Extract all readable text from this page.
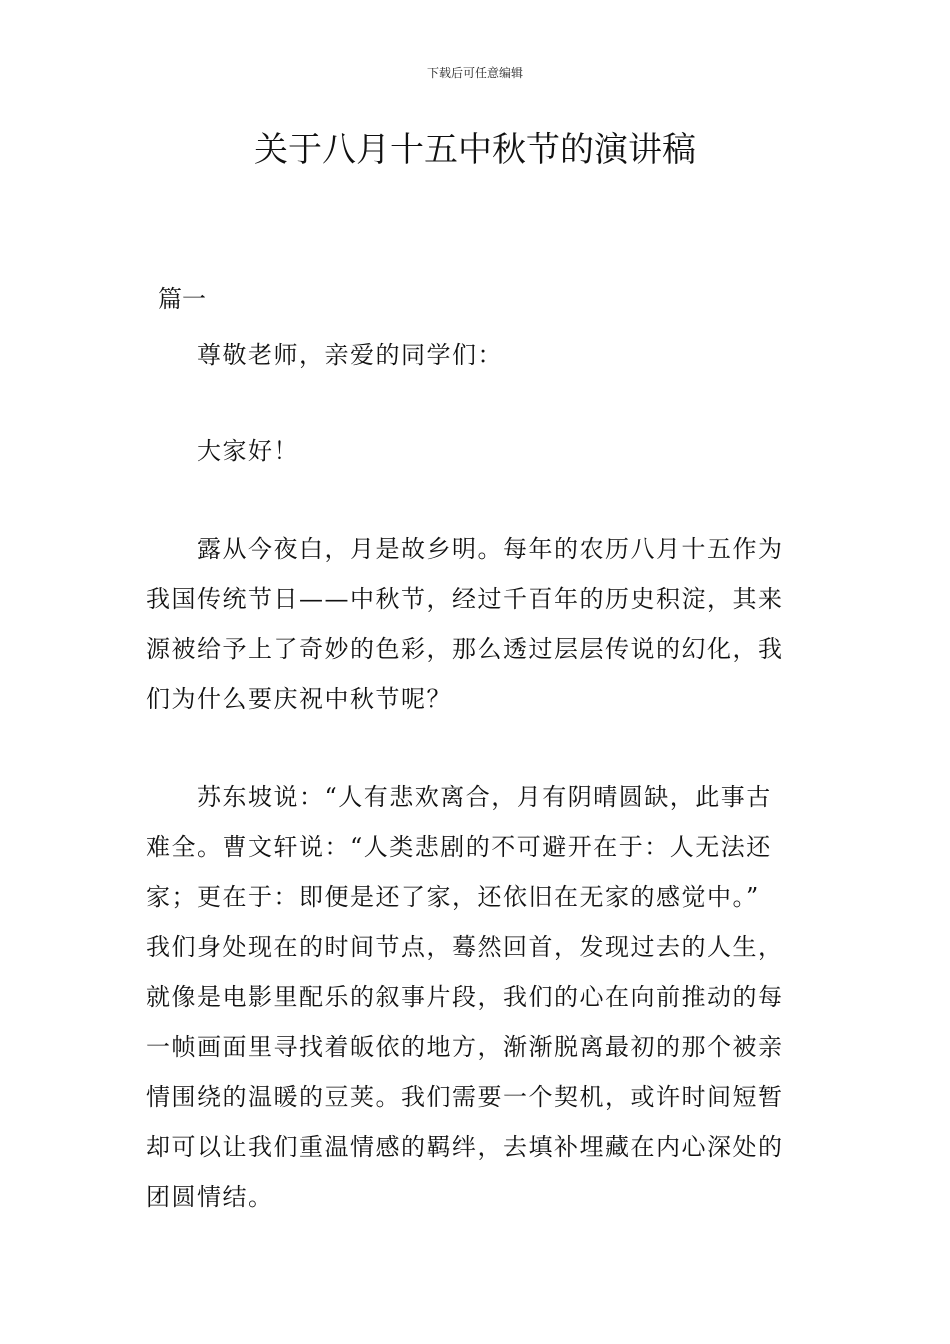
下载后可任意编辑
关于八月十五中秋节的演讲稿
篇一

　　尊敬老师，亲爱的同学们：

　　大家好！

　　露从今夜白，月是故乡明。每年的农历八月十五作为
我国传统节日——中秋节，经过千百年的历史积淀，其来
源被给予上了奇妙的色彩，那么透过层层传说的幻化，我
们为什么要庆祝中秋节呢？

　　苏东坡说：“人有悲欢离合，月有阴晴圆缺，此事古
难全。曹文轩说：“人类悲剧的不可避开在于：人无法还
家；更在于：即便是还了家，还依旧在无家的感觉中。”
我们身处现在的时间节点，蓦然回首，发现过去的人生，
就像是电影里配乐的叙事片段，我们的心在向前推动的每
一帧画面里寻找着皈依的地方，渐渐脱离最初的那个被亲
情围绕的温暖的豆荚。我们需要一个契机，或许时间短暂
却可以让我们重温情感的羁绊，去填补埋藏在内心深处的
团圆情结。
